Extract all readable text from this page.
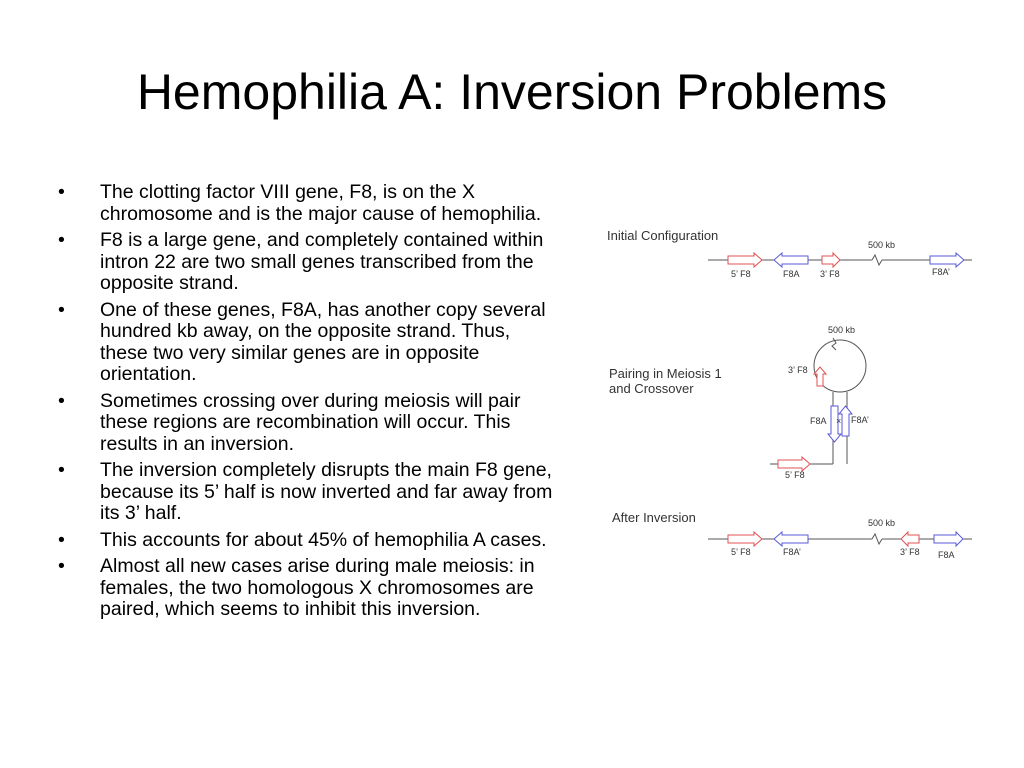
Hemophilia A: Inversion Problems
• The clotting factor VIII gene, F8, is on the X chromosome and is the major cause of hemophilia.
• F8 is a large gene, and completely contained within intron 22 are two small genes transcribed from the opposite strand.
• One of these genes, F8A, has another copy several hundred kb away, on the opposite strand. Thus, these two very similar genes are in opposite orientation.
• Sometimes crossing over during meiosis will pair these regions are recombination will occur. This results in an inversion.
• The inversion completely disrupts the main F8 gene, because its 5’ half is now inverted and far away from its 3’ half.
• This accounts for about 45% of hemophilia A cases.
• Almost all new cases arise during male meiosis: in females, the two homologous X chromosomes are paired, which seems to inhibit this inversion.
Initial Configuration
500 kb
5’ F8	F8A 3’ F8	F8A’
500 kb
Pairing in Meiosis 1
and Crossover
3’ F8
×
F8A	F8A’
5’ F8
After Inversion	500 kb
5’ F8	F8A’	3’ F8 F8A
